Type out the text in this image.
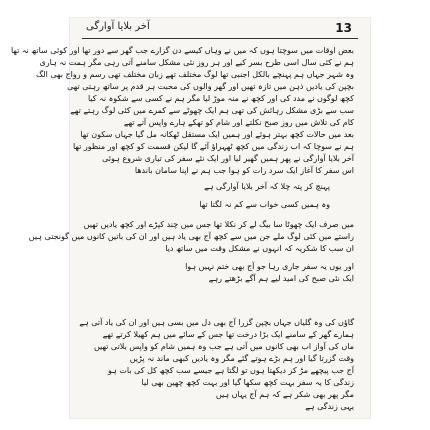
13
آخر بلایا آوارگی
بعض اوقات میں سوچتا ہوں کہ میں نے وہاں کیسے دن گزارے جب گھر سے دور تھا اور کوئی ساتھ نہ تھا
ہم نے کئی سال اسی طرح بسر کیے اور ہر روز نئی مشکل سامنے آتی رہی مگر ہمت نہ ہاری
وہ شہر جہاں ہم پہنچے بالکل اجنبی تھا لوگ مختلف تھے زبان مختلف تھی رسم و رواج بھی الگ
بچپن کی یادیں ذہن میں تازہ تھیں اور گھر والوں کی محبت ہر قدم پر ساتھ رہتی تھی
کچھ لوگوں نے مدد کی اور کچھ نے منہ موڑ لیا مگر ہم نے کسی سے شکوہ نہ کیا
سب سے بڑی مشکل رہائش کی تھی ہم ایک چھوٹے سے کمرے میں کئی لوگ رہتے تھے
کام کی تلاش میں روز صبح نکلتے اور شام کو تھکے ہارے واپس آتے تھے
بعد میں حالات کچھ بہتر ہوئے اور ہمیں ایک مستقل ٹھکانہ مل گیا جہاں سکون تھا
ہم نے سوچا کہ اب زندگی میں کچھ ٹھہراؤ آئے گا لیکن قسمت کو کچھ اور منظور تھا
آخر بلایا آوارگی نے پھر ہمیں گھیر لیا اور ایک نئے سفر کی تیاری شروع ہوئی
اس سفر کا آغاز ایک سرد رات کو ہوا جب ہم نے اپنا سامان باندھا
پہنچ کر پتہ چلا کہ آخر بلایا آوارگی ہے
وہ ہمیں کسی خواب سے کم نہ لگتا تھا
میں صرف ایک چھوٹا سا بیگ لے کر نکلا تھا جس میں چند کپڑے اور کچھ یادیں تھیں
راستے میں کئی لوگ ملے جن میں سے کچھ آج بھی یاد ہیں اور ان کی باتیں کانوں میں گونجتی ہیں
ان سب کا شکریہ کہ انہوں نے مشکل وقت میں ساتھ دیا
اور یوں یہ سفر جاری رہا جو آج بھی ختم نہیں ہوا
ایک نئی صبح کی امید لیے ہم آگے بڑھتے رہے
گاؤں کی وہ گلیاں جہاں بچپن گزرا آج بھی دل میں بسی ہیں اور ان کی یاد آتی ہے
ہمارے گھر کے سامنے ایک بڑا درخت تھا جس کے سائے میں ہم کھیلا کرتے تھے
ماں کی آواز اب بھی کانوں میں آتی ہے جب وہ ہمیں شام کو واپس بلاتی تھیں
وقت گزرتا گیا اور ہم بڑے ہوتے گئے مگر وہ یادیں کبھی ماند نہ پڑیں
آج جب پیچھے مڑ کر دیکھتا ہوں تو لگتا ہے جیسے سب کچھ کل کی بات ہو
زندگی کا یہ سفر بہت کچھ سکھا گیا اور بہت کچھ چھین بھی لیا
مگر پھر بھی شکر ہے کہ ہم آج یہاں ہیں
یہی زندگی ہے
